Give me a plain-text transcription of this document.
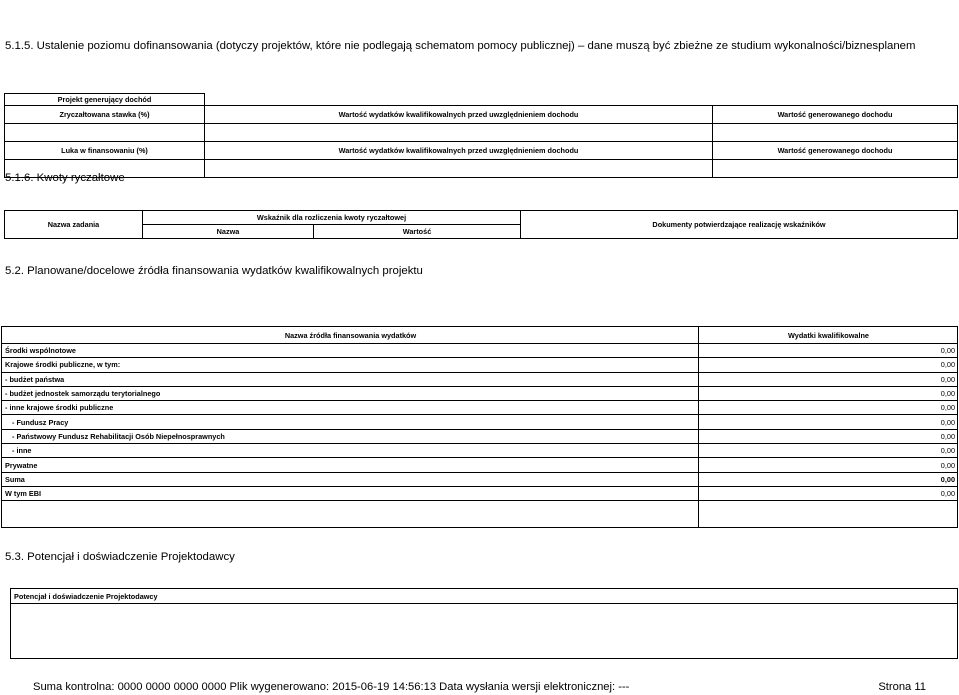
5.1.5. Ustalenie poziomu dofinansowania (dotyczy projektów, które nie podlegają schematom pomocy publicznej) – dane muszą być zbieżne ze studium wykonalności/biznesplanem
Projekt generujący dochód		
Zryczałtowana stawka (%)	Wartość wydatków kwalifikowalnych przed uwzględnieniem dochodu	Wartość generowanego dochodu

Luka w finansowaniu (%)	Wartość wydatków kwalifikowalnych przed uwzględnieniem dochodu	Wartość generowanego dochodu

5.1.6. Kwoty ryczałtowe
Nazwa zadania	Wskaźnik dla rozliczenia kwoty ryczałtowej		Dokumenty potwierdzające realizację wskaźników
	Nazwa	Wartość	
5.2. Planowane/docelowe źródła finansowania wydatków kwalifikowalnych projektu
Nazwa źródła finansowania wydatków	Wydatki kwalifikowalne
Środki wspólnotowe	0,00
Krajowe środki publiczne, w tym:	0,00
- budżet państwa	0,00
- budżet jednostek samorządu terytorialnego	0,00
- inne krajowe środki publiczne	0,00
- Fundusz Pracy	0,00
- Państwowy Fundusz Rehabilitacji Osób Niepełnosprawnych	0,00
- inne	0,00
Prywatne	0,00
Suma	0,00
W tym EBI	0,00

5.3. Potencjał i doświadczenie Projektodawcy
Potencjał i doświadczenie Projektodawcy

Suma kontrolna: 0000 0000 0000 0000 Plik wygenerowano: 2015-06-19 14:56:13 Data wysłania wersji elektronicznej: ---	Strona 11
